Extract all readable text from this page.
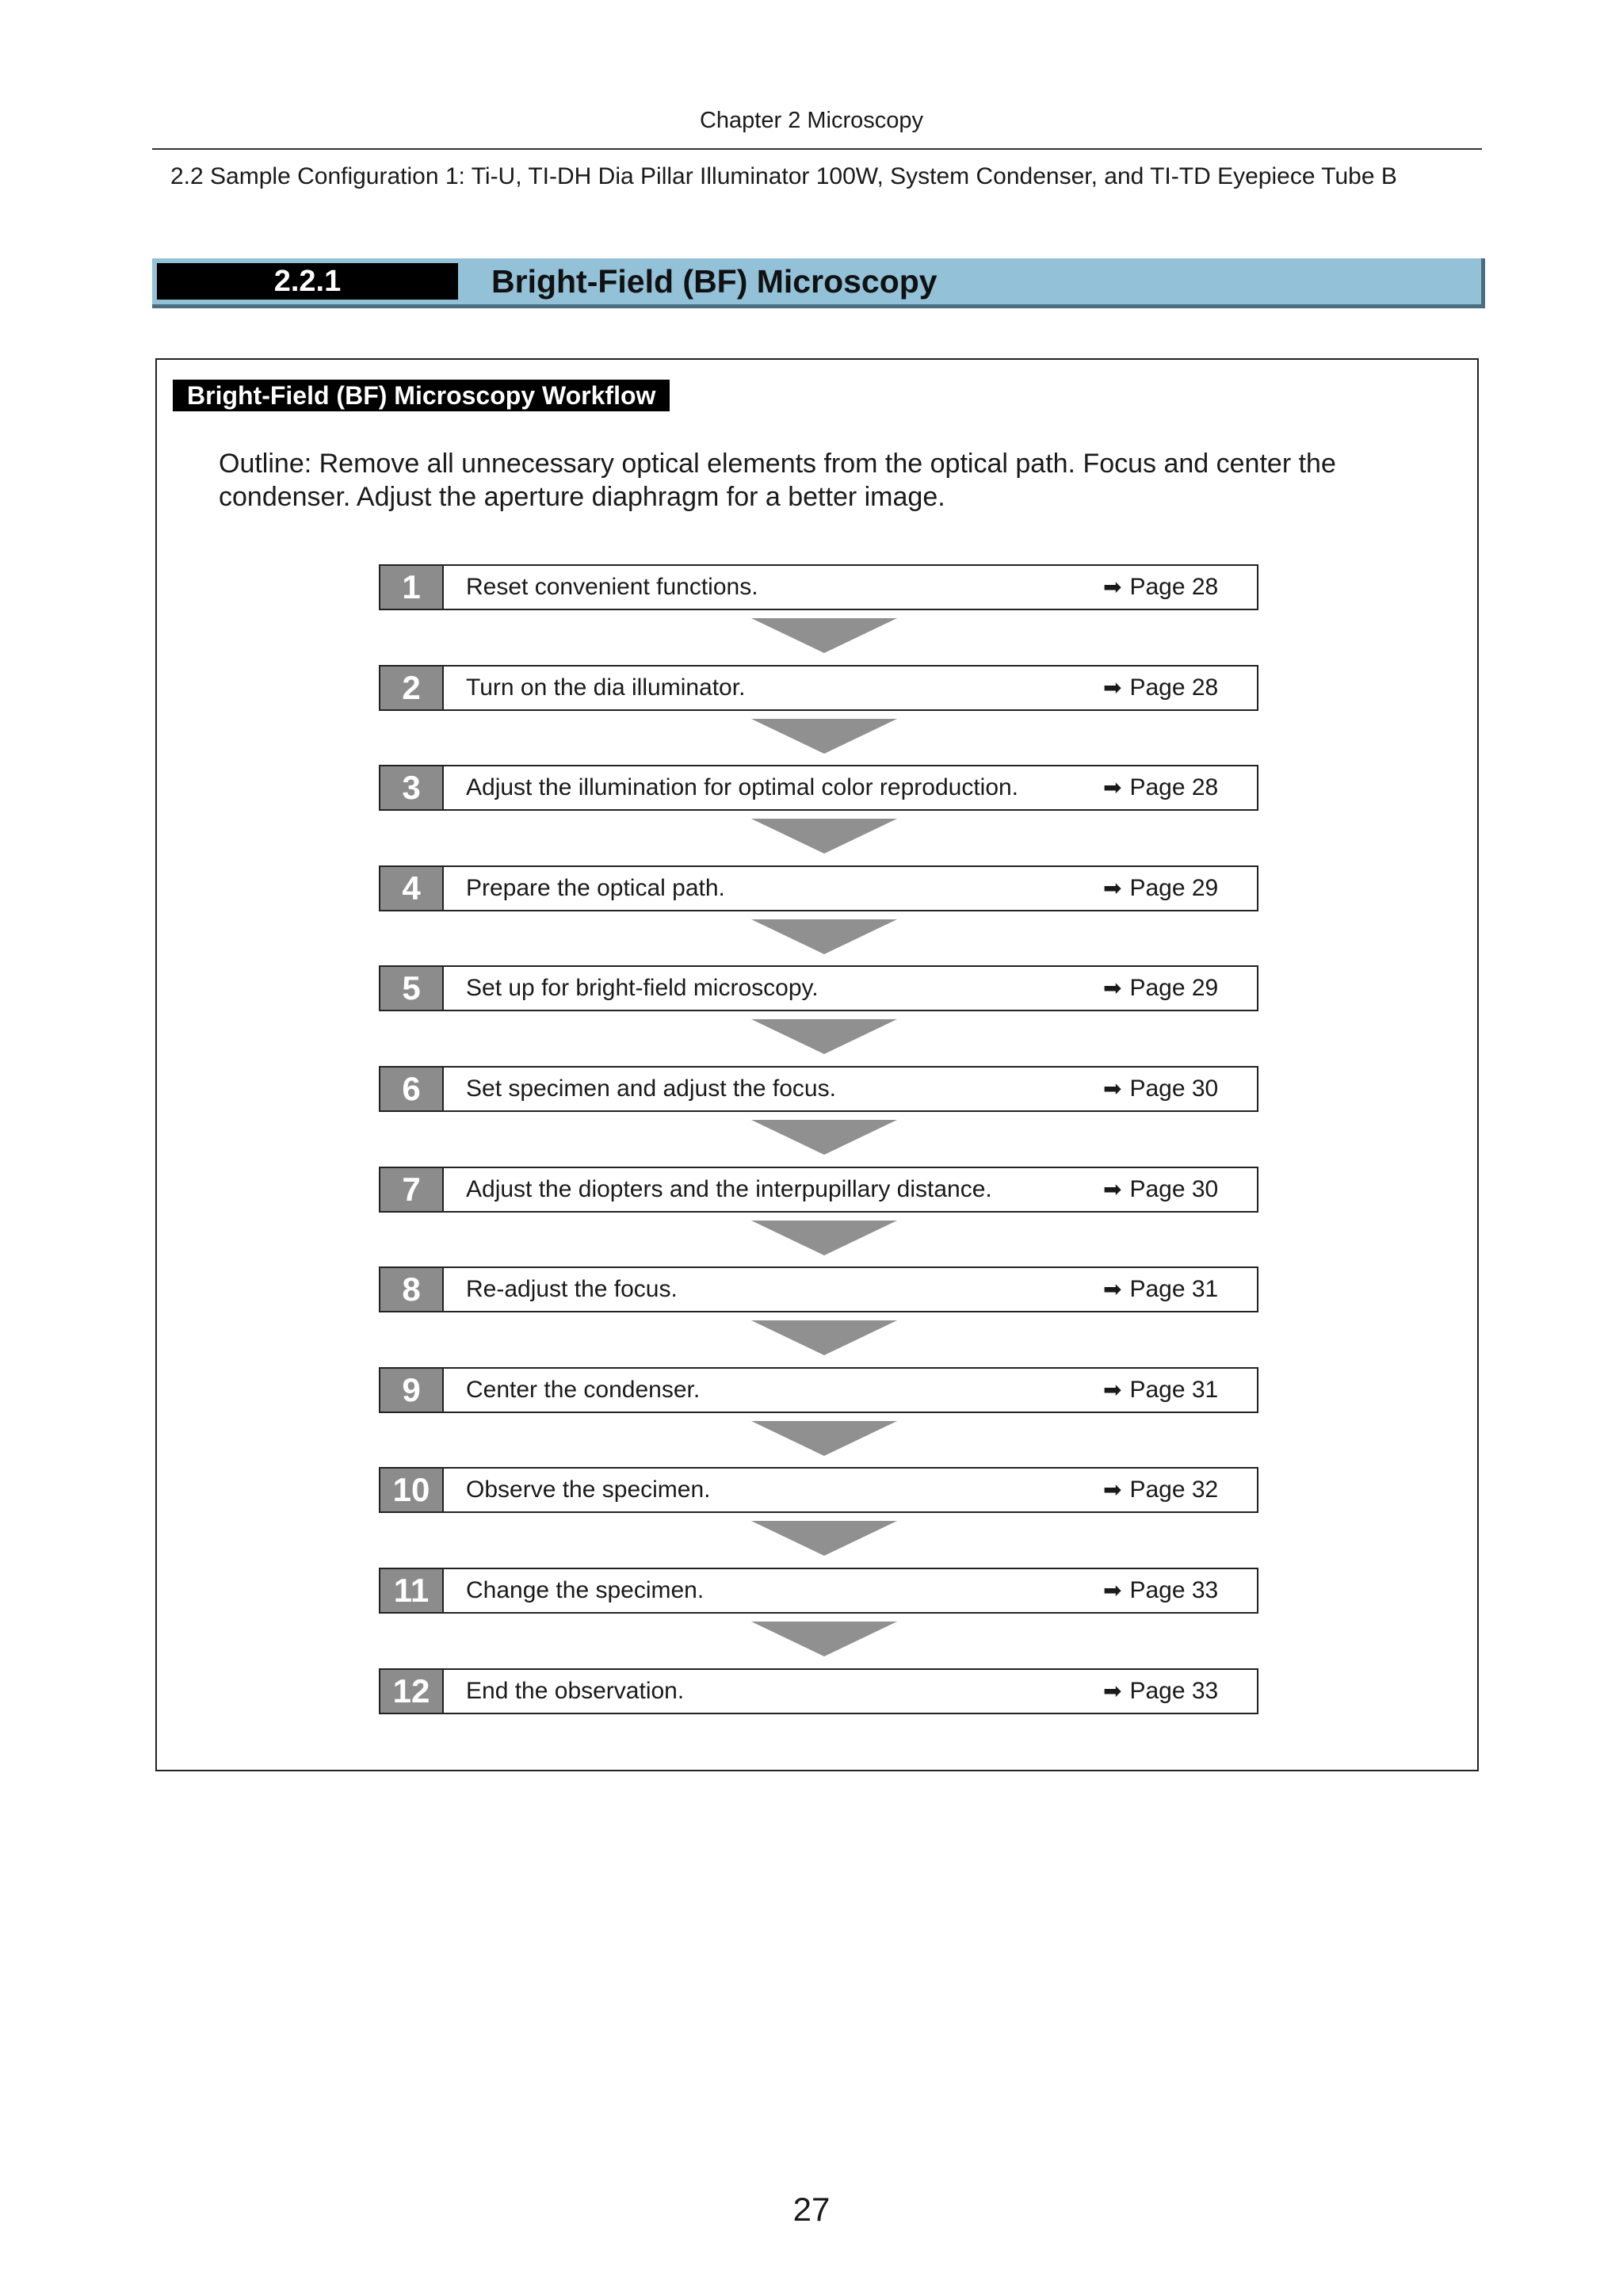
Chapter 2 Microscopy
2.2 Sample Configuration 1: Ti-U, TI-DH Dia Pillar Illuminator 100W, System Condenser, and TI-TD Eyepiece Tube B
2.2.1	Bright-Field (BF) Microscopy
Bright-Field (BF) Microscopy Workflow
Outline: Remove all unnecessary optical elements from the optical path. Focus and center the condenser. Adjust the aperture diaphragm for a better image.
1	Reset convenient functions.	➡ Page 28
2	Turn on the dia illuminator.	➡ Page 28
3	Adjust the illumination for optimal color reproduction.	➡ Page 28
4	Prepare the optical path.	➡ Page 29
5	Set up for bright-field microscopy.	➡ Page 29
6	Set specimen and adjust the focus.	➡ Page 30
7	Adjust the diopters and the interpupillary distance.	➡ Page 30
8	Re-adjust the focus.	➡ Page 31
9	Center the condenser.	➡ Page 31
10	Observe the specimen.	➡ Page 32
11	Change the specimen.	➡ Page 33
12	End the observation.	➡ Page 33
27
